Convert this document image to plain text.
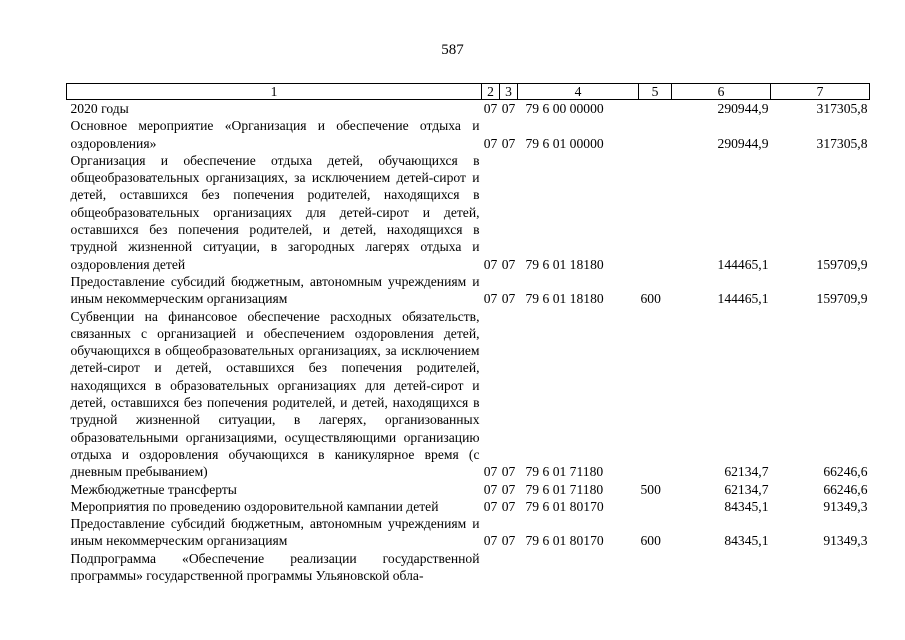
587
1	2	3	4	5	6	7
2020 годы	07	07	79 6 00 00000		290944,9	317305,8
Основное мероприятие «Организация и обеспечение отдыха и оздоровления»	07	07	79 6 01 00000		290944,9	317305,8
Организация и обеспечение отдыха детей, обучающихся в общеобразовательных организациях, за исключением детей-сирот и детей, оставшихся без попечения родителей, находящихся в общеобразовательных организациях для детей-сирот и детей, оставшихся без попечения родителей, и детей, находящихся в трудной жизненной ситуации, в загородных лагерях отдыха и оздоровления детей	07	07	79 6 01 18180		144465,1	159709,9
Предоставление субсидий бюджетным, автономным учреждениям и иным некоммерческим организациям	07	07	79 6 01 18180	600	144465,1	159709,9
Субвенции на финансовое обеспечение расходных обязательств, связанных с организацией и обеспечением оздоровления детей, обучающихся в общеобразовательных организациях, за исключением детей-сирот и детей, оставшихся без попечения родителей, находящихся в образовательных организациях для детей-сирот и детей, оставшихся без попечения родителей, и детей, находящихся в трудной жизненной ситуации, в лагерях, организованных образовательными организациями, осуществляющими организацию отдыха и оздоровления обучающихся в каникулярное время (с дневным пребыванием)	07	07	79 6 01 71180		62134,7	66246,6
Межбюджетные трансферты	07	07	79 6 01 71180	500	62134,7	66246,6
Мероприятия по проведению оздоровительной кампании детей	07	07	79 6 01 80170		84345,1	91349,3
Предоставление субсидий бюджетным, автономным учреждениям и иным некоммерческим организациям	07	07	79 6 01 80170	600	84345,1	91349,3
Подпрограмма «Обеспечение реализации государственной программы» государственной программы Ульяновской обла-						
